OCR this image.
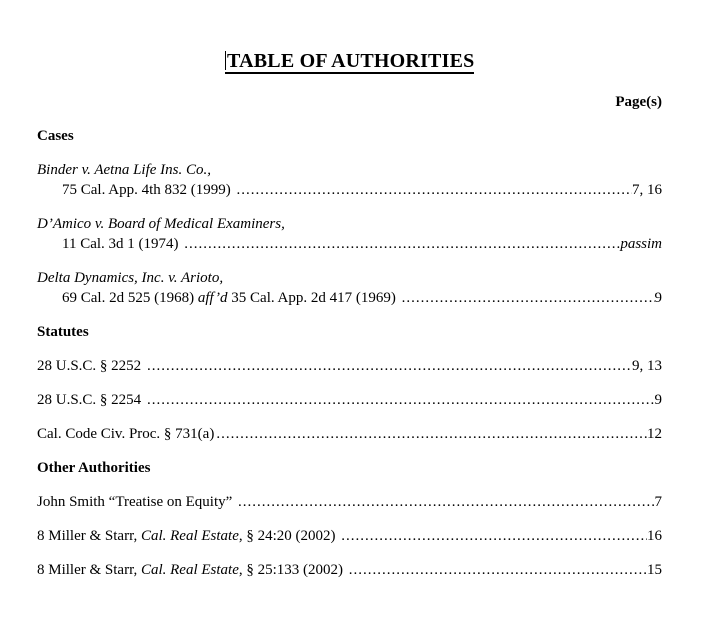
TABLE OF AUTHORITIES
Page(s)
Cases
Binder v. Aetna Life Ins. Co.,
75 Cal. App. 4th 832 (1999) .....	7, 16
D’Amico v. Board of Medical Examiners,
11 Cal. 3d 1 (1974) .....	passim
Delta Dynamics, Inc. v. Arioto,
69 Cal. 2d 525 (1968) aff’d 35 Cal. App. 2d 417 (1969) .....	9
Statutes
28 U.S.C. § 2252 .....	9, 13
28 U.S.C. § 2254 .....	9
Cal. Code Civ. Proc. § 731(a) .....	12
Other Authorities
John Smith “Treatise on Equity” .....	7
8 Miller & Starr, Cal. Real Estate , § 24:20 (2002) .....	16
8 Miller & Starr, Cal. Real Estate , § 25:133 (2002) .....	15
